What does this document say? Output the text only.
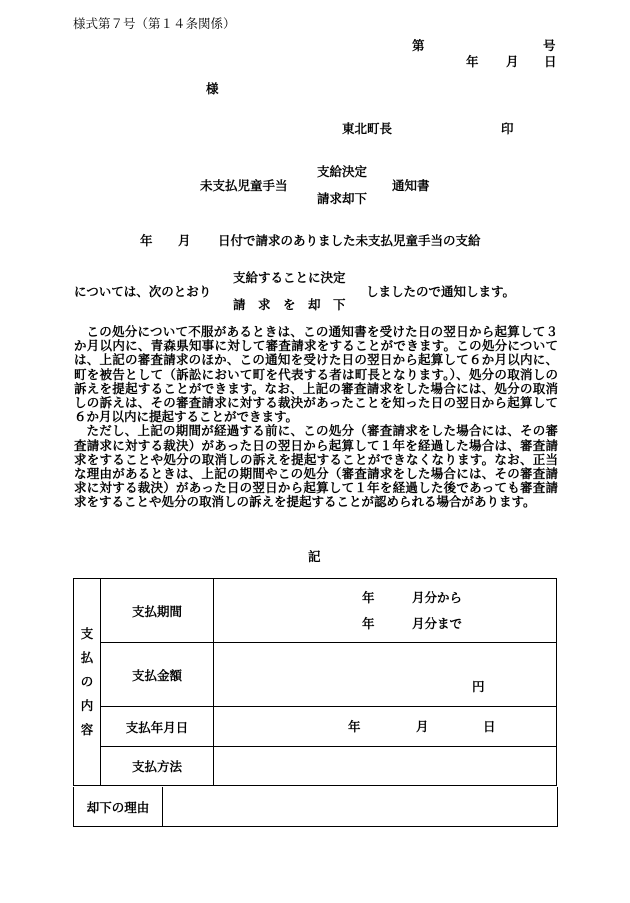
様式第７号（第１４条関係）
第	号
年 月 日
様
東北町長	印
未支払児童手当
支給決定
請求却下
通知書
年 月 日付で請求のありました未支払児童手当の支給
については、次のとおり
支給することに決定
請　求　を　却　下
しましたので通知します。

この処分について不服があるときは、この通知書を受けた日の翌日から起算して３か月以内に、青森県知事に対して審査請求をすることができます。この処分については、上記の審査請求のほか、この通知を受けた日の翌日から起算して６か月以内に、町を被告として（訴訟において町を代表する者は町長となります。）、処分の取消しの訴えを提起することができます。なお、上記の審査請求をした場合には、処分の取消しの訴えは、その審査請求に対する裁決があったことを知った日の翌日から起算して６か月以内に提起することができます。

ただし、上記の期間が経過する前に、この処分（審査請求をした場合には、その審査請求に対する裁決）があった日の翌日から起算して１年を経過した場合は、審査請求をすることや処分の取消しの訴えを提起することができなくなります。なお、正当な理由があるときは、上記の期間やこの処分（審査請求をした場合には、その審査請求に対する裁決）があった日の翌日から起算して１年を経過した後であっても審査請求をすることや処分の取消しの訴えを提起することが認められる場合があります。

記
支
払
の
内
容	支払期間	年 月分から
年 月分まで

	支払金額	円

	支払年月日	年 月 日

	支払方法	
却下の理由
